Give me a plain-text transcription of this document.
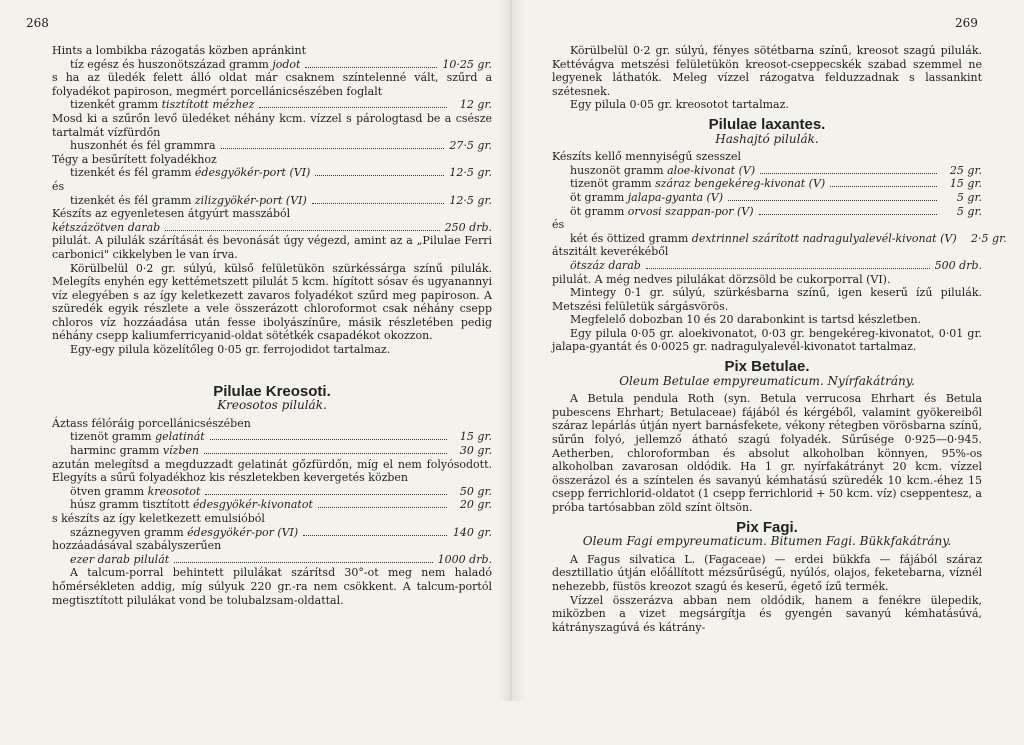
268	269

Hints a lombikba rázogatás közben apránkint

tíz egész és huszonötszázad gramm jodot	10·25 gr.

s ha az üledék felett álló oldat már csaknem színtelenné vált, szűrd a folyadékot papiroson, megmért porcellánicsészében foglalt

tizenkét gramm tisztított mézhez	12 gr.

Mosd ki a szűrőn levő üledéket néhány kcm. vízzel s párologtasd be a csésze tartalmát vízfürdőn

huszonhét és fél grammra	27·5 gr.

Tégy a besűrített folyadékhoz

tizenkét és fél gramm édesgyökér-port (VI)	12·5 gr.

és

tizenkét és fél gramm zilizgyökér-port (VI)	12·5 gr.

Készíts az egyenletesen átgyúrt masszából

kétszázötven darab	250 drb.

pilulát. A pilulák szárítását és bevonását úgy végezd, amint az a „Pilulae Ferri carbonici" cikkelyben le van írva.

Körülbelül 0·2 gr. súlyú, külső felületükön szürkéssárga színű pilulák. Melegíts enyhén egy kettémetszett pilulát 5 kcm. hígított sósav és ugyanannyi víz elegyében s az így keletkezett zavaros folyadékot szűrd meg papiroson. A szüredék egyik részlete a vele összerázott chloroformot csak néhány csepp chloros víz hozzáadása után fesse ibolyászínűre, másik részletében pedig néhány csepp kaliumferricyanid-oldat sötétkék csapadékot okozzon.

Egy-egy pilula közelítőleg 0·05 gr. ferrojodidot tartalmaz.

Pilulae Kreosoti.
Kreosotos pilulák.

Áztass félóráig porcellánicsészében

tizenöt gramm gelatinát	15 gr.
harminc gramm vízben	30 gr.

azután melegítsd a megduzzadt gelatinát gőzfürdőn, míg el nem folyósodott. Elegyíts a sűrű folyadékhoz kis részletekben kevergetés közben

ötven gramm kreosotot	50 gr.
húsz gramm tisztított édesgyökér-kivonatot	20 gr.

s készíts az így keletkezett emulsióból

száznegyven gramm édesgyökér-por (VI)	140 gr.

hozzáadásával szabályszerűen

ezer darab pilulát	1000 drb.

A talcum-porral behintett pilulákat szárítsd 30°-ot meg nem haladó hőmérsékleten addig, míg súlyuk 220 gr.-ra nem csökkent. A talcum-portól megtisztított pilulákat vond be tolubalzsam-oldattal.

Körülbelül 0·2 gr. súlyú, fényes sötétbarna színű, kreosot szagú pilulák. Kettévágva metszési felületükön kreosot-cseppecskék szabad szemmel ne legyenek láthatók. Meleg vízzel rázogatva felduzzadnak s lassankint szétesnek.

Egy pilula 0·05 gr. kreosotot tartalmaz.

Pilulae laxantes.
Hashajtó pilulák.

Készíts kellő mennyiségű szesszel

huszonöt gramm aloe-kivonat (V)	25 gr.
tizenöt gramm száraz bengekéreg-kivonat (V)	15 gr.
öt gramm jalapa-gyanta (V)	5 gr.
öt gramm orvosi szappan-por (V)	5 gr.

és

két és öttized gramm dextrinnel szárított nadragulyalevél-kivonat (V)	2·5 gr.

átszitált keverékéből

ötszáz darab	500 drb.

pilulát. A még nedves pilulákat dörzsöld be cukorporral (VI).

Mintegy 0·1 gr. súlyú, szürkésbarna színű, igen keserű ízű pilulák. Metszési felületük sárgásvörös.

Megfelelő dobozban 10 és 20 darabonkint is tartsd készletben.

Egy pilula 0·05 gr. aloekivonatot, 0·03 gr. bengekéreg-kivonatot, 0·01 gr. jalapa-gyantát és 0·0025 gr. nadragulyalevél-kivonatot tartalmaz.

Pix Betulae.
Oleum Betulae empyreumaticum. Nyírfakátrány.

A Betula pendula Roth (syn. Betula verrucosa Ehrhart és Betula pubescens Ehrhart; Betulaceae) fájából és kérgéből, valamint gyökereiből száraz lepárlás útján nyert barnásfekete, vékony rétegben vörösbarna színű, sűrűn folyó, jellemző átható szagú folyadék. Sűrűsége 0·925—0·945. Aetherben, chloroformban és absolut alkoholban könnyen, 95%-os alkoholban zavarosan oldódik. Ha 1 gr. nyírfakátrányt 20 kcm. vízzel összerázol és a színtelen és savanyú kémhatású szüredék 10 kcm.-éhez 15 csepp ferrichlorid-oldatot (1 csepp ferrichlorid + 50 kcm. víz) cseppentesz, a próba tartósabban zöld színt öltsön.

Pix Fagi.
Oleum Fagi empyreumaticum. Bitumen Fagi. Bükkfakátrány.

A Fagus silvatica L. (Fagaceae) — erdei bükkfa — fájából száraz desztillatio útján előállított mézsűrűségű, nyúlós, olajos, feketebarna, víznél nehezebb, füstös kreozot szagú és keserű, égető ízű termék.

Vízzel összerázva abban nem oldódik, hanem a fenékre ülepedik, miközben a vizet megsárgítja és gyengén savanyú kémhatásúvá, kátrányszagúvá és kátrány-
